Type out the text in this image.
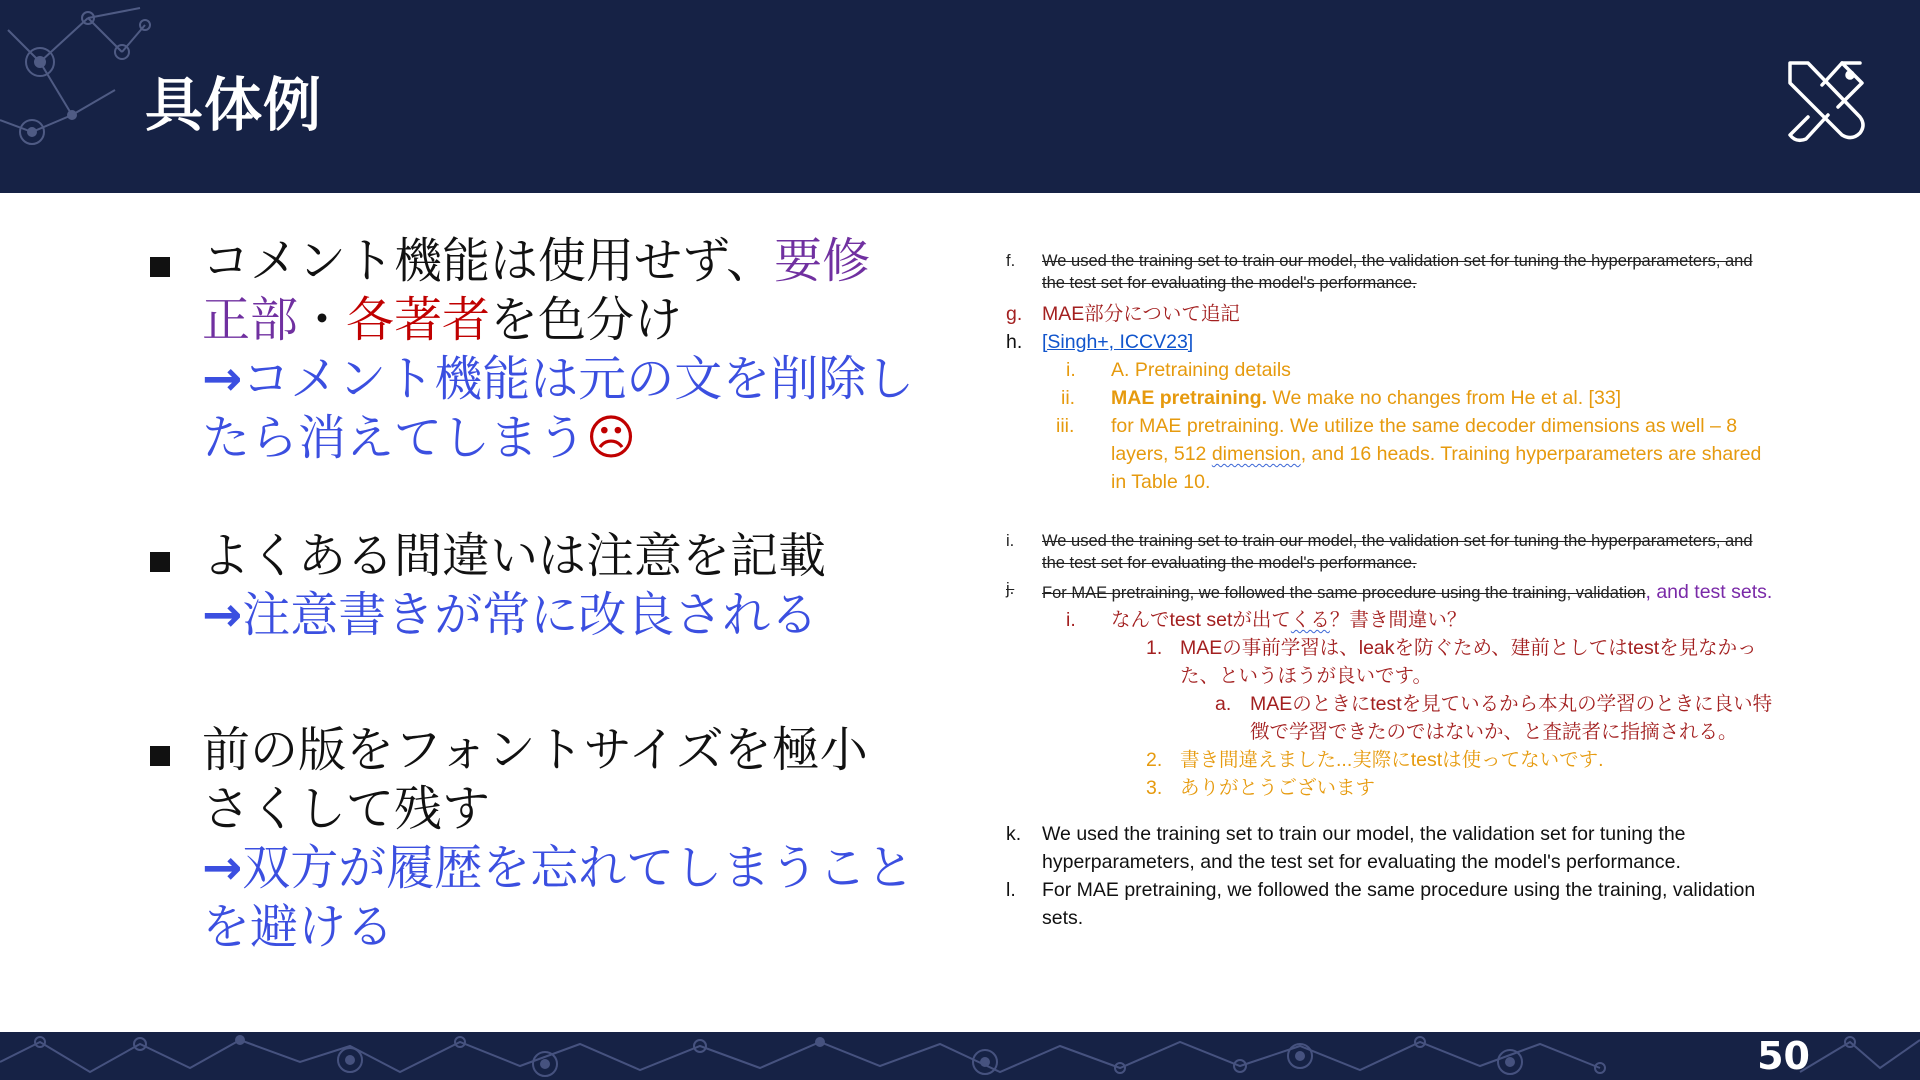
具体例
コメント機能は使用せず、要修正部・各著者を色分け
→コメント機能は元の文を削除したら消えてしまう☹
よくある間違いは注意を記載
→注意書きが常に改良される
前の版をフォントサイズを極小さくして残す
→双方が履歴を忘れてしまうことを避ける
f. We used the training set to train our model, the validation set for tuning the hyperparameters, and the test set for evaluating the model's performance.
g. MAE部分について追記
h. [Singh+, ICCV23]
i. A. Pretraining details
ii. MAE pretraining. We make no changes from He et al. [33]
iii. for MAE pretraining. We utilize the same decoder dimensions as well – 8 layers, 512 dimension, and 16 heads. Training hyperparameters are shared in Table 10.
i. We used the training set to train our model, the validation set for tuning the hyperparameters, and the test set for evaluating the model's performance.
j. For MAE pretraining, we followed the same procedure using the training, validation, and test sets.
i. なんでtest setが出てくる？書き間違い？
1. MAEの事前学習は、leakを防ぐため、建前としてはtestを見なかった、というほうが良いです。
a. MAEのときにtestを見ているから本丸の学習のときに良い特徴で学習できたのではないか、と査読者に指摘される。
2. 書き間違えました...実際にtestは使ってないです.
3. ありがとうございます
k. We used the training set to train our model, the validation set for tuning the hyperparameters, and the test set for evaluating the model's performance.
l. For MAE pretraining, we followed the same procedure using the training, validation sets.
50
